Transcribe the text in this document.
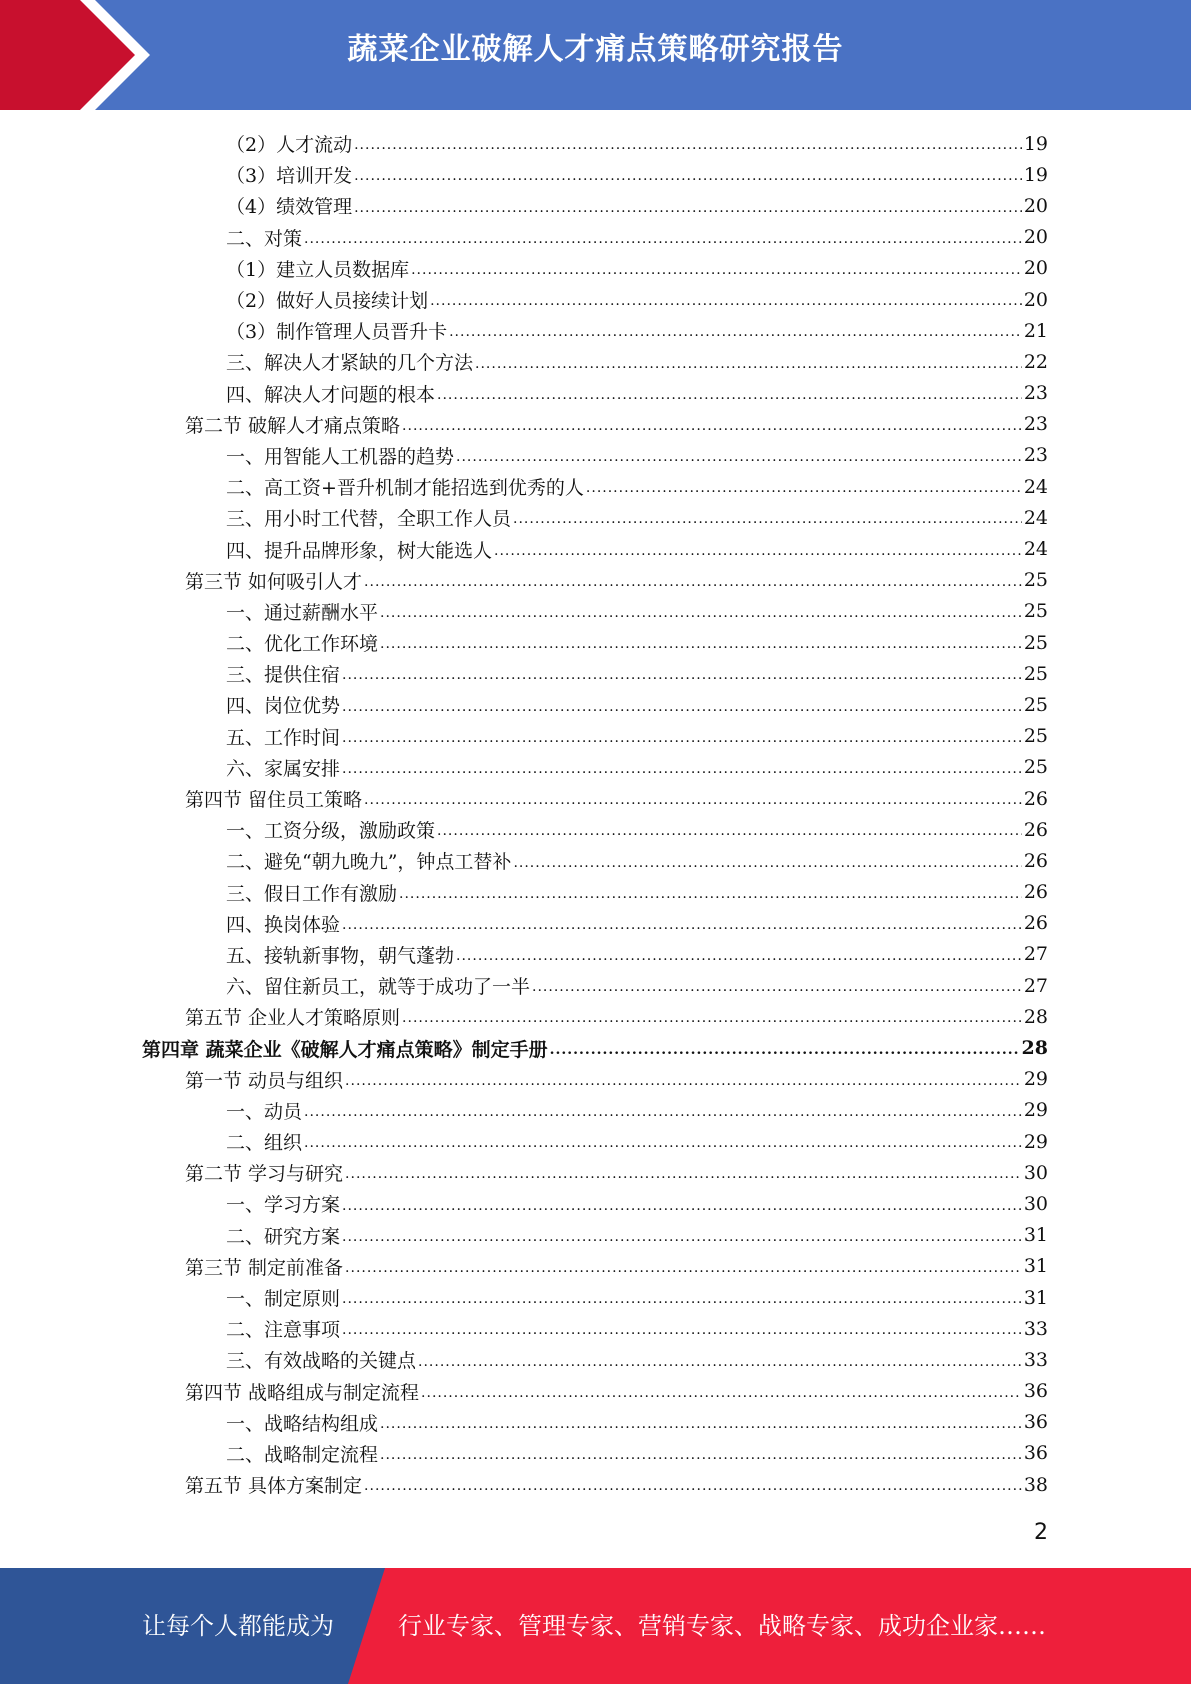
蔬菜企业破解人才痛点策略研究报告
（2）人才流动 .....	19
（3）培训开发 .....	19
（4）绩效管理 .....	20
二、对策 .....	20
（1）建立人员数据库 .....	20
（2）做好人员接续计划 .....	20
（3）制作管理人员晋升卡 .....	21
三、解决人才紧缺的几个方法 .....	22
四、解决人才问题的根本 .....	23
第二节 破解人才痛点策略 .....	23
一、用智能人工机器的趋势 .....	23
二、高工资+晋升机制才能招选到优秀的人 .....	24
三、用小时工代替，全职工作人员 .....	24
四、提升品牌形象，树大能选人 .....	24
第三节 如何吸引人才 .....	25
一、通过薪酬水平 .....	25
二、优化工作环境 .....	25
三、提供住宿 .....	25
四、岗位优势 .....	25
五、工作时间 .....	25
六、家属安排 .....	25
第四节 留住员工策略 .....	26
一、工资分级，激励政策 .....	26
二、避免“朝九晚九”，钟点工替补 .....	26
三、假日工作有激励 .....	26
四、换岗体验 .....	26
五、接轨新事物，朝气蓬勃 .....	27
六、留住新员工，就等于成功了一半 .....	27
第五节 企业人才策略原则 .....	28
第四章 蔬菜企业《破解人才痛点策略》制定手册 .....	28
第一节 动员与组织 .....	29
一、动员 .....	29
二、组织 .....	29
第二节 学习与研究 .....	30
一、学习方案 .....	30
二、研究方案 .....	31
第三节 制定前准备 .....	31
一、制定原则 .....	31
二、注意事项 .....	33
三、有效战略的关键点 .....	33
第四节 战略组成与制定流程 .....	36
一、战略结构组成 .....	36
二、战略制定流程 .....	36
第五节 具体方案制定 .....	38
2
让每个人都能成为	行业专家、管理专家、营销专家、战略专家、成功企业家……
